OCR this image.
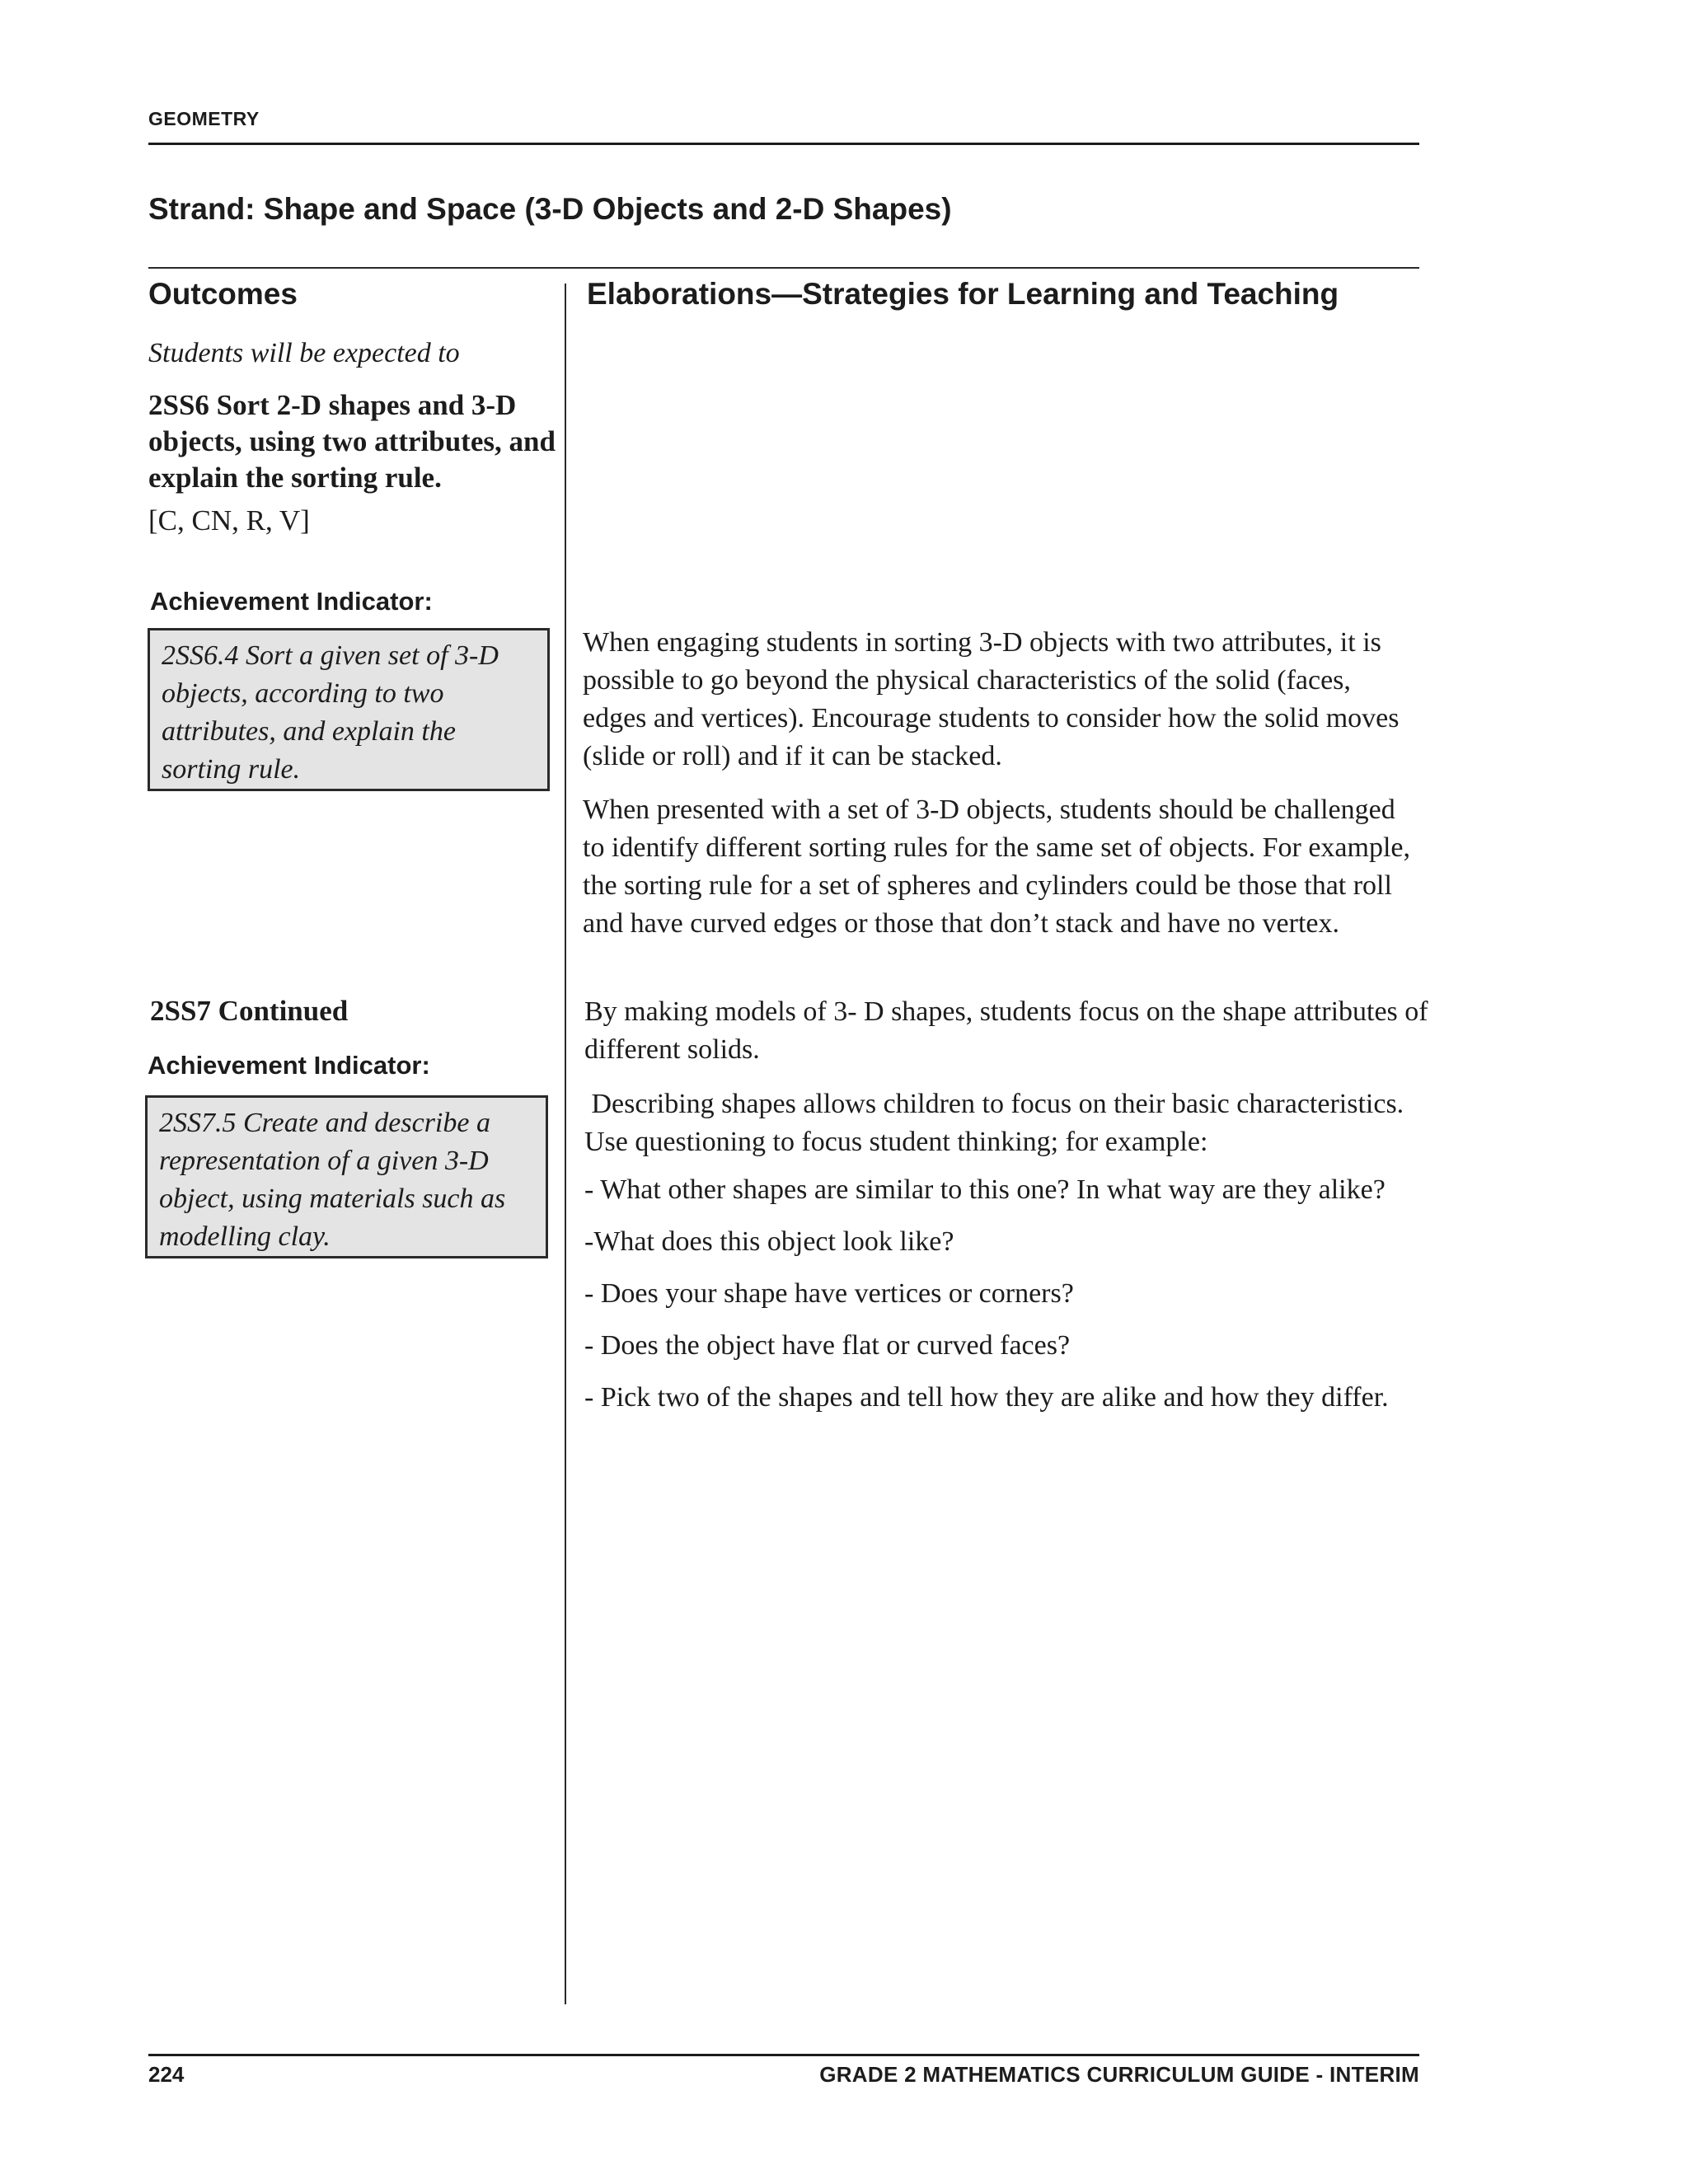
GEOMETRY
Strand: Shape and Space (3-D Objects and 2-D Shapes)
Outcomes
Students will be expected to
2SS6 Sort 2-D shapes and 3-D objects, using two attributes, and explain the sorting rule.
[C, CN, R, V]
Achievement Indicator:
2SS6.4 Sort a given set of 3-D objects, according to two attributes, and explain the sorting rule.
2SS7 Continued
Achievement Indicator:
2SS7.5 Create and describe a representation of a given 3-D object, using materials such as modelling clay.
Elaborations—Strategies for Learning and Teaching

When engaging students in sorting 3-D objects with two attributes, it is possible to go beyond the physical characteristics of the solid (faces, edges and vertices). Encourage students to consider how the solid moves (slide or roll) and if it can be stacked.

When presented with a set of 3-D objects, students should be challenged to identify different sorting rules for the same set of objects. For example, the sorting rule for a set of spheres and cylinders could be those that roll and have curved edges or those that don’t stack and have no vertex.

By making models of 3- D shapes, students focus on the shape attributes of different solids.

Describing shapes allows children to focus on their basic characteristics. Use questioning to focus student thinking; for example:

- What other shapes are similar to this one? In what way are they alike?
-What does this object look like?
- Does your shape have vertices or corners?
- Does the object have flat or curved faces?
- Pick two of the shapes and tell how they are alike and how they differ.
224	GRADE 2 MATHEMATICS CURRICULUM GUIDE - INTERIM
